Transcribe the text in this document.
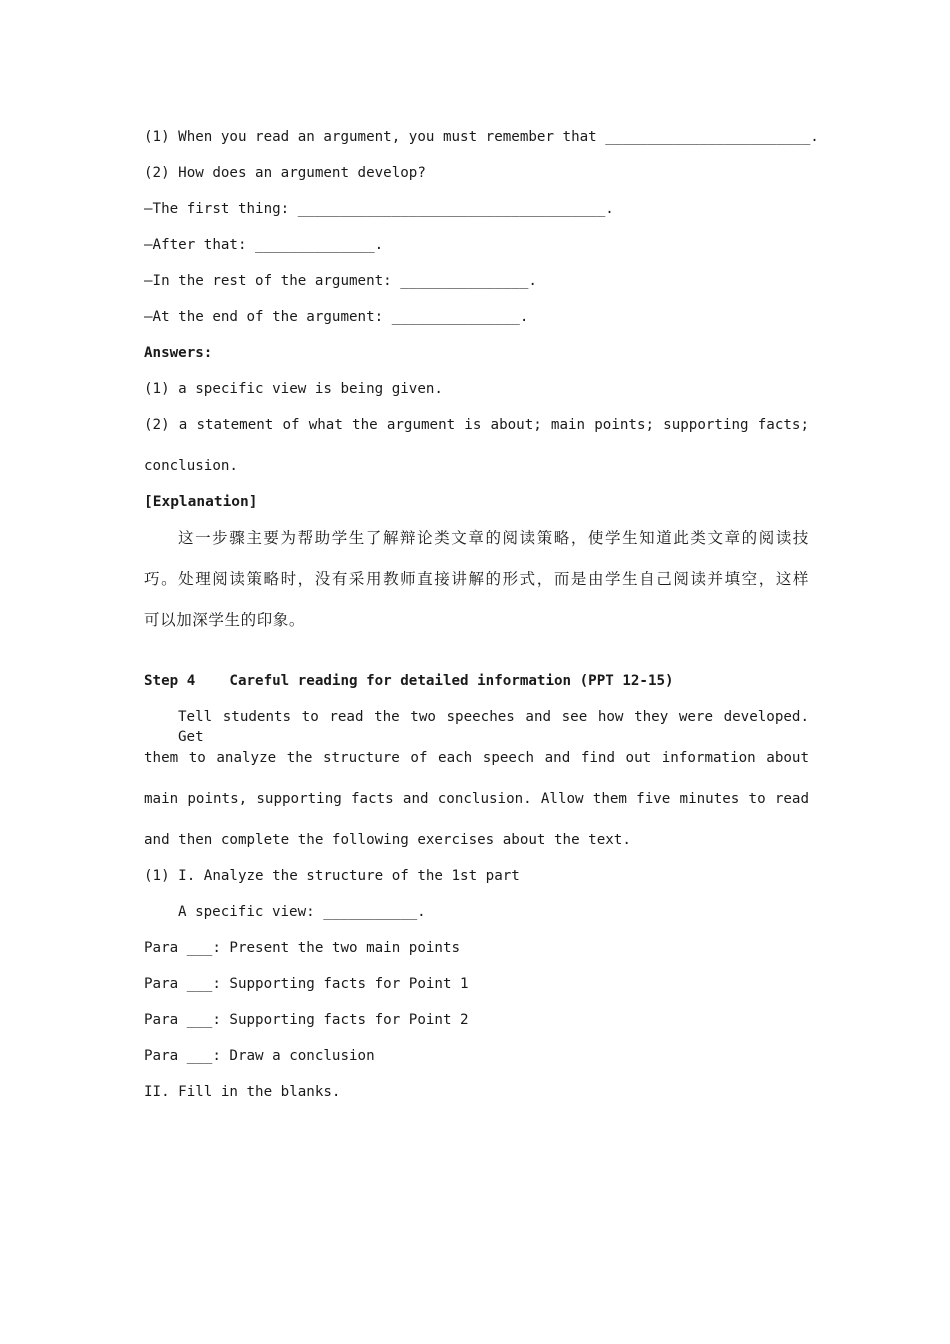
(1) When you read an argument, you must remember that ________________________.
(2) How does an argument develop?
—The first thing: ____________________________________.
—After that: ______________.
—In the rest of the argument: _______________.
—At the end of the argument: _______________.
Answers:
(1) a specific view is being given.
(2) a statement of what the argument is about; main points; supporting facts;
conclusion.
[Explanation]
这一步骤主要为帮助学生了解辩论类文章的阅读策略，使学生知道此类文章的阅读技
巧。处理阅读策略时，没有采用教师直接讲解的形式，而是由学生自己阅读并填空，这样
可以加深学生的印象。
Step 4    Careful reading for detailed information (PPT 12-15)
Tell students to read the two speeches and see how they were developed. Get
them to analyze the structure of each speech and find out information about
main points, supporting facts and conclusion. Allow them five minutes to read
and then complete the following exercises about the text.
(1) I. Analyze the structure of the 1st part
A specific view: ___________.
Para ___: Present the two main points
Para ___: Supporting facts for Point 1
Para ___: Supporting facts for Point 2
Para ___: Draw a conclusion
II. Fill in the blanks.
